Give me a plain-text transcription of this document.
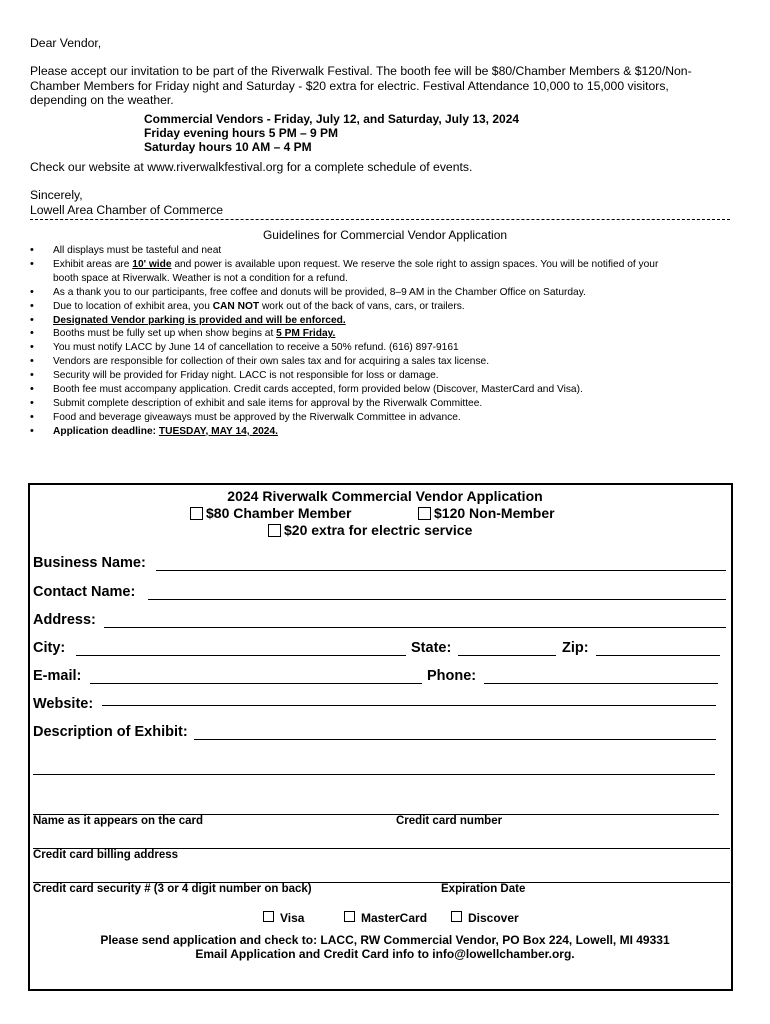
Dear Vendor,
Please accept our invitation to be part of the Riverwalk Festival. The booth fee will be $80/Chamber Members & $120/Non-
Chamber Members for Friday night and Saturday - $20 extra for electric. Festival Attendance 10,000 to 15,000 visitors,
depending on the weather.
Commercial Vendors - Friday, July 12, and Saturday, July 13, 2024
Friday evening hours 5 PM – 9 PM
Saturday hours 10 AM – 4 PM
Check our website at www.riverwalkfestival.org for a complete schedule of events.
Sincerely,
Lowell Area Chamber of Commerce
Guidelines for Commercial Vendor Application
• All displays must be tasteful and neat
• Exhibit areas are 10' wide and power is available upon request. We reserve the sole right to assign spaces. You will be notified of your
booth space at Riverwalk. Weather is not a condition for a refund.
• As a thank you to our participants, free coffee and donuts will be provided, 8–9 AM in the Chamber Office on Saturday.
• Due to location of exhibit area, you CAN NOT work out of the back of vans, cars, or trailers.
• Designated Vendor parking is provided and will be enforced.
• Booths must be fully set up when show begins at 5 PM Friday.
• You must notify LACC by June 14 of cancellation to receive a 50% refund. (616) 897-9161
• Vendors are responsible for collection of their own sales tax and for acquiring a sales tax license.
• Security will be provided for Friday night. LACC is not responsible for loss or damage.
• Booth fee must accompany application. Credit cards accepted, form provided below (Discover, MasterCard and Visa).
• Submit complete description of exhibit and sale items for approval by the Riverwalk Committee.
• Food and beverage giveaways must be approved by the Riverwalk Committee in advance.
• Application deadline: TUESDAY, MAY 14, 2024.
2024 Riverwalk Commercial Vendor Application
$80 Chamber Member	$120 Non-Member
$20 extra for electric service
Business Name:
Contact Name:
Address:
City:	State:	Zip:
E-mail:	Phone:
Website:
Description of Exhibit:
Name as it appears on the card	Credit card number
Credit card billing address
Credit card security # (3 or 4 digit number on back)	Expiration Date
Visa	MasterCard	Discover
Please send application and check to: LACC, RW Commercial Vendor, PO Box 224, Lowell, MI 49331
Email Application and Credit Card info to info@lowellchamber.org.
